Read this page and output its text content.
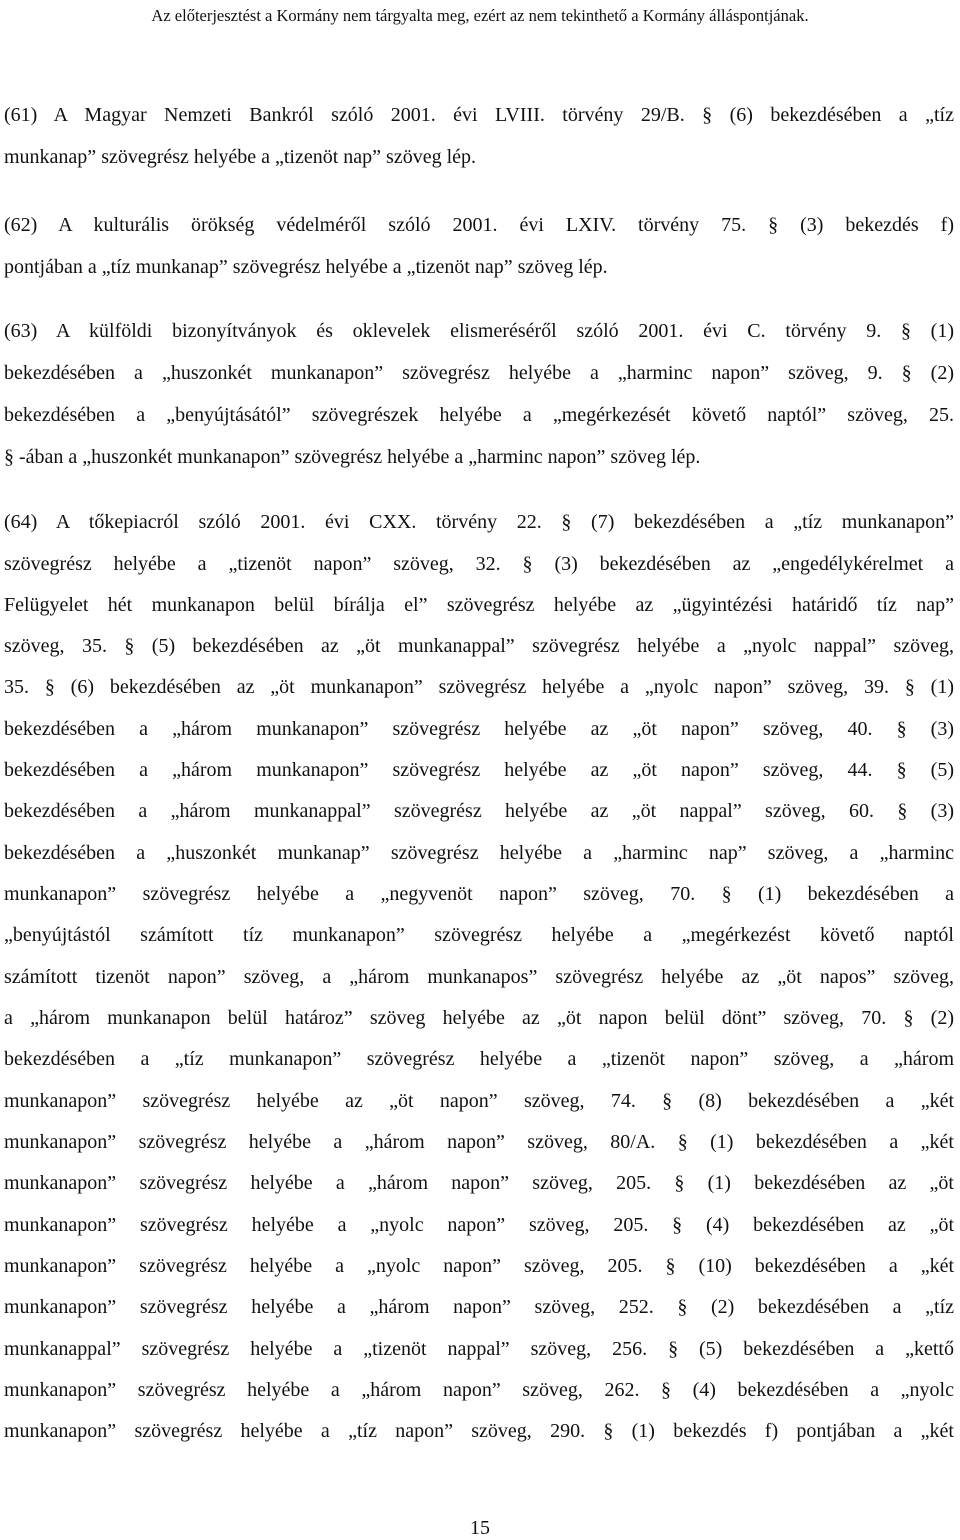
Az előterjesztést a Kormány nem tárgyalta meg, ezért az nem tekinthető a Kormány álláspontjának.
(61) A Magyar Nemzeti Bankról szóló 2001. évi LVIII. törvény 29/B. § (6) bekezdésében a „tíz
munkanap” szövegrész helyébe a „tizenöt nap” szöveg lép.
(62) A kulturális örökség védelméről szóló 2001. évi LXIV. törvény 75. § (3) bekezdés f)
pontjában a „tíz munkanap” szövegrész helyébe a „tizenöt nap” szöveg lép.
(63) A külföldi bizonyítványok és oklevelek elismeréséről szóló 2001. évi C. törvény 9. § (1)
bekezdésében a „huszonkét munkanapon” szövegrész helyébe a „harminc napon” szöveg, 9. § (2)
bekezdésében a „benyújtásától” szövegrészek helyébe a „megérkezését követő naptól” szöveg, 25.
§ -ában a „huszonkét munkanapon” szövegrész helyébe a „harminc napon” szöveg lép.
(64) A tőkepiacról szóló 2001. évi CXX. törvény 22. § (7) bekezdésében a „tíz munkanapon”
szövegrész helyébe a „tizenöt napon” szöveg, 32. § (3) bekezdésében az „engedélykérelmet a
Felügyelet hét munkanapon belül bírálja el” szövegrész helyébe az „ügyintézési határidő tíz nap”
szöveg, 35. § (5) bekezdésében az „öt munkanappal” szövegrész helyébe a „nyolc nappal” szöveg,
35. § (6) bekezdésében az „öt munkanapon” szövegrész helyébe a „nyolc napon” szöveg, 39. § (1)
bekezdésében a „három munkanapon” szövegrész helyébe az „öt napon” szöveg, 40. § (3)
bekezdésében a „három munkanapon” szövegrész helyébe az „öt napon” szöveg, 44. § (5)
bekezdésében a „három munkanappal” szövegrész helyébe az „öt nappal” szöveg, 60. § (3)
bekezdésében a „huszonkét munkanap” szövegrész helyébe a „harminc nap” szöveg, a „harminc
munkanapon” szövegrész helyébe a „negyvenöt napon” szöveg, 70. § (1) bekezdésében a
„benyújtástól számított tíz munkanapon” szövegrész helyébe a „megérkezést követő naptól
számított tizenöt napon” szöveg, a „három munkanapos” szövegrész helyébe az „öt napos” szöveg,
a „három munkanapon belül határoz” szöveg helyébe az „öt napon belül dönt” szöveg, 70. § (2)
bekezdésében a „tíz munkanapon” szövegrész helyébe a „tizenöt napon” szöveg, a „három
munkanapon” szövegrész helyébe az „öt napon” szöveg, 74. § (8) bekezdésében a „két
munkanapon” szövegrész helyébe a „három napon” szöveg, 80/A. § (1) bekezdésében a „két
munkanapon” szövegrész helyébe a „három napon” szöveg, 205. § (1) bekezdésében az „öt
munkanapon” szövegrész helyébe a „nyolc napon” szöveg, 205. § (4) bekezdésében az „öt
munkanapon” szövegrész helyébe a „nyolc napon” szöveg, 205. § (10) bekezdésében a „két
munkanapon” szövegrész helyébe a „három napon” szöveg, 252. § (2) bekezdésében a „tíz
munkanappal” szövegrész helyébe a „tizenöt nappal” szöveg, 256. § (5) bekezdésében a „kettő
munkanapon” szövegrész helyébe a „három napon” szöveg, 262. § (4) bekezdésében a „nyolc
munkanapon” szövegrész helyébe a „tíz napon” szöveg, 290. § (1) bekezdés f) pontjában a „két
15
